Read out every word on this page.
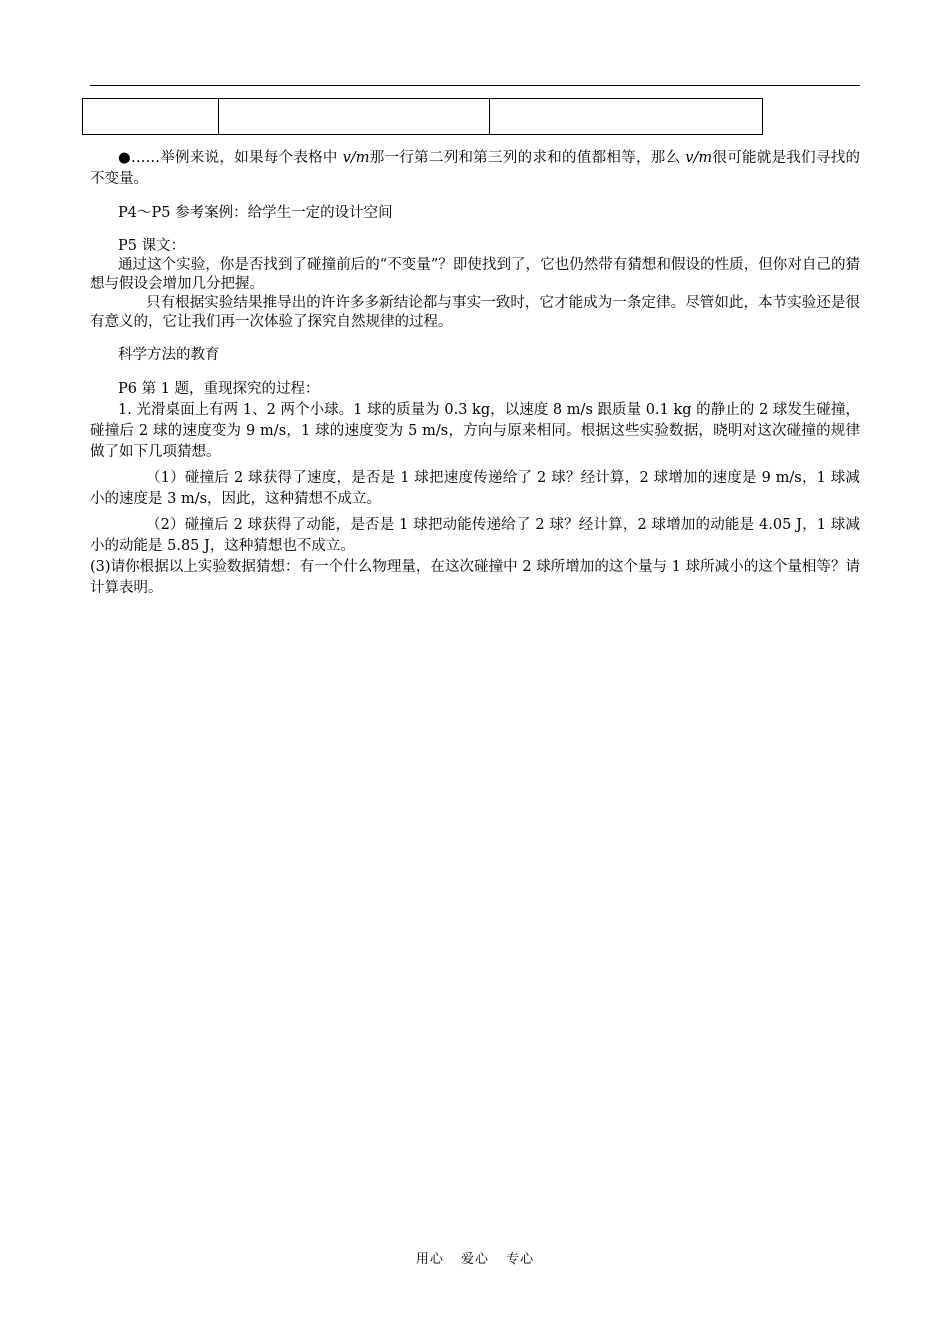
●……举例来说，如果每个表格中 v/m那一行第二列和第三列的求和的值都相等，那么 v/m很可能就是我们寻找的不变量。

P4～P5 参考案例：给学生一定的设计空间

P5 课文：

通过这个实验，你是否找到了碰撞前后的“不变量”？即使找到了，它也仍然带有猜想和假设的性质，但你对自己的猜想与假设会增加几分把握。

只有根据实验结果推导出的许许多多新结论都与事实一致时，它才能成为一条定律。尽管如此，本节实验还是很有意义的，它让我们再一次体验了探究自然规律的过程。

科学方法的教育

P6 第 1 题，重现探究的过程：

1. 光滑桌面上有两 1、2 两个小球。1 球的质量为 0.3 kg，以速度 8 m/s 跟质量 0.1 kg 的静止的 2 球发生碰撞，碰撞后 2 球的速度变为 9 m/s，1 球的速度变为 5 m/s，方向与原来相同。根据这些实验数据，晓明对这次碰撞的规律做了如下几项猜想。

（1）碰撞后 2 球获得了速度，是否是 1 球把速度传递给了 2 球？经计算，2 球增加的速度是 9 m/s，1 球减小的速度是 3 m/s，因此，这种猜想不成立。

（2）碰撞后 2 球获得了动能，是否是 1 球把动能传递给了 2 球？经计算，2 球增加的动能是 4.05 J，1 球减小的动能是 5.85 J，这种猜想也不成立。

(3)请你根据以上实验数据猜想：有一个什么物理量，在这次碰撞中 2 球所增加的这个量与 1 球所减小的这个量相等？请计算表明。

用心 爱心 专心
